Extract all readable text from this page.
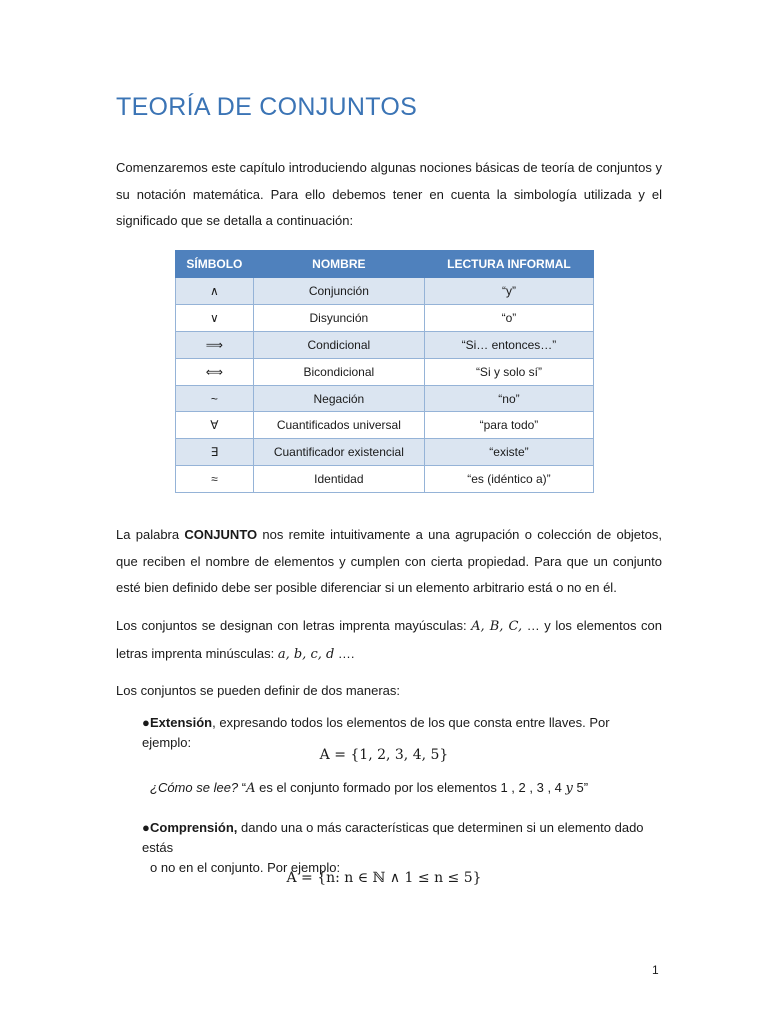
TEORÍA DE CONJUNTOS

Comenzaremos este capítulo introduciendo algunas nociones básicas de teoría de conjuntos y su notación matemática. Para ello debemos tener en cuenta la simbología utilizada y el significado que se detalla a continuación:

SÍMBOLO	NOMBRE	LECTURA INFORMAL
∧	Conjunción	“y”
∨	Disyunción	“o”
⟹	Condicional	“Si… entonces…”
⟺	Bicondicional	“Si y solo sí”
~	Negación	“no”
∀	Cuantificados universal	“para todo”
∃	Cuantificador existencial	“existe”
≈	Identidad	“es (idéntico a)”

La palabra CONJUNTO nos remite intuitivamente a una agrupación o colección de objetos, que reciben el nombre de elementos y cumplen con cierta propiedad. Para que un conjunto esté bien definido debe ser posible diferenciar si un elemento arbitrario está o no en él.

Los conjuntos se designan con letras imprenta mayúsculas: A, B, C, … y los elementos con letras imprenta minúsculas: a, b, c, d ….

Los conjuntos se pueden definir de dos maneras:

●Extensión, expresando todos los elementos de los que consta entre llaves. Por ejemplo:
A = {1, 2, 3, 4, 5}
¿Cómo se lee? “A es el conjunto formado por los elementos 1 , 2 , 3 , 4 y 5”
●Comprensión, dando una o más características que determinen si un elemento dado estás
o no en el conjunto. Por ejemplo:
A = {n: n ∈ ℕ ∧ 1 ≤ n ≤ 5}
1
